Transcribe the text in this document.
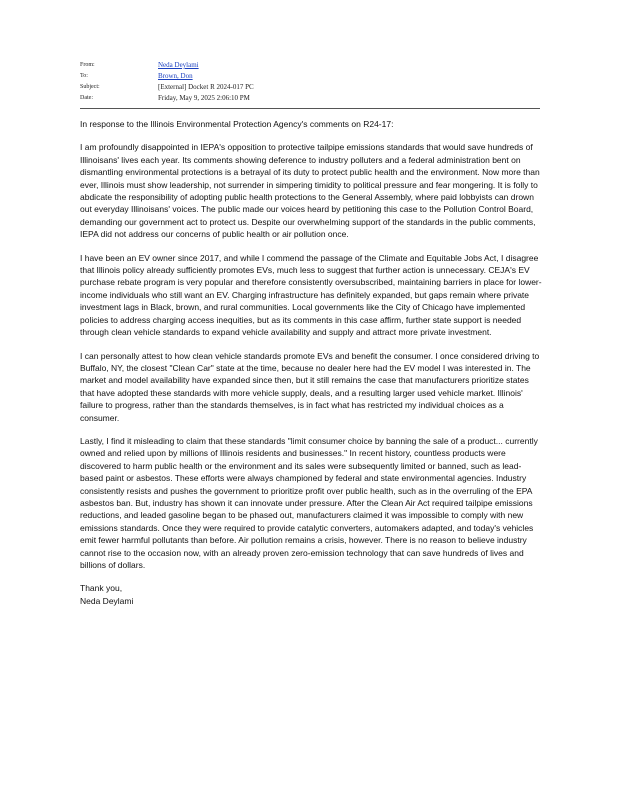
From:	Neda Deylami
To:	Brown, Don
Subject:	[External] Docket R 2024-017 PC
Date:	Friday, May 9, 2025 2:06:10 PM

In response to the Illinois Environmental Protection Agency's comments on R24-17:

I am profoundly disappointed in IEPA's opposition to protective tailpipe emissions standards that would save hundreds of Illinoisans' lives each year. Its comments showing deference to industry polluters and a federal administration bent on dismantling environmental protections is a betrayal of its duty to protect public health and the environment. Now more than ever, Illinois must show leadership, not surrender in simpering timidity to political pressure and fear mongering. It is folly to abdicate the responsibility of adopting public health protections to the General Assembly, where paid lobbyists can drown out everyday Illinoisans' voices. The public made our voices heard by petitioning this case to the Pollution Control Board, demanding our government act to protect us. Despite our overwhelming support of the standards in the public comments, IEPA did not address our concerns of public health or air pollution once.

I have been an EV owner since 2017, and while I commend the passage of the Climate and Equitable Jobs Act, I disagree that Illinois policy already sufficiently promotes EVs, much less to suggest that further action is unnecessary. CEJA's EV purchase rebate program is very popular and therefore consistently oversubscribed, maintaining barriers in place for lower-income individuals who still want an EV. Charging infrastructure has definitely expanded, but gaps remain where private investment lags in Black, brown, and rural communities. Local governments like the City of Chicago have implemented policies to address charging access inequities, but as its comments in this case affirm, further state support is needed through clean vehicle standards to expand vehicle availability and supply and attract more private investment.

I can personally attest to how clean vehicle standards promote EVs and benefit the consumer. I once considered driving to Buffalo, NY, the closest "Clean Car" state at the time, because no dealer here had the EV model I was interested in. The market and model availability have expanded since then, but it still remains the case that manufacturers prioritize states that have adopted these standards with more vehicle supply, deals, and a resulting larger used vehicle market. Illinois' failure to progress, rather than the standards themselves, is in fact what has restricted my individual choices as a consumer.

Lastly, I find it misleading to claim that these standards "limit consumer choice by banning the sale of a product... currently owned and relied upon by millions of Illinois residents and businesses." In recent history, countless products were discovered to harm public health or the environment and its sales were subsequently limited or banned, such as lead-based paint or asbestos. These efforts were always championed by federal and state environmental agencies. Industry consistently resists and pushes the government to prioritize profit over public health, such as in the overruling of the EPA asbestos ban. But, industry has shown it can innovate under pressure. After the Clean Air Act required tailpipe emissions reductions, and leaded gasoline began to be phased out, manufacturers claimed it was impossible to comply with new emissions standards. Once they were required to provide catalytic converters, automakers adapted, and today's vehicles emit fewer harmful pollutants than before. Air pollution remains a crisis, however. There is no reason to believe industry cannot rise to the occasion now, with an already proven zero-emission technology that can save hundreds of lives and billions of dollars.

Thank you,
Neda Deylami
